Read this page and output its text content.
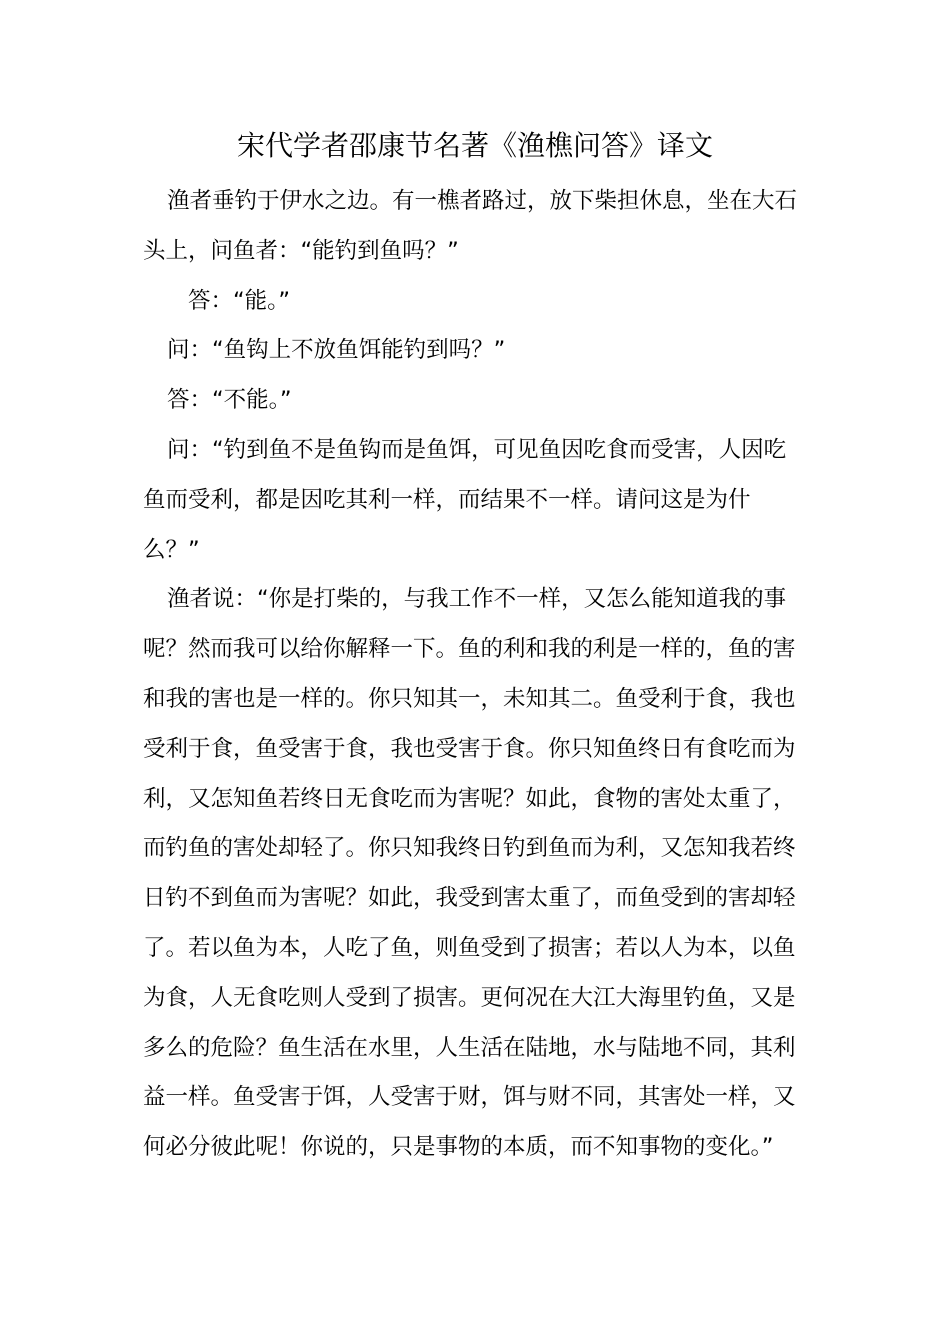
宋代学者邵康节名著《渔樵问答》译文
渔者垂钓于伊水之边。有一樵者路过，放下柴担休息，坐在大石
头上，问鱼者：“能钓到鱼吗？”
答：“能。”
问：“鱼钩上不放鱼饵能钓到吗？”
答：“不能。”
问：“钓到鱼不是鱼钩而是鱼饵，可见鱼因吃食而受害，人因吃
鱼而受利，都是因吃其利一样，而结果不一样。请问这是为什
么？”
渔者说：“你是打柴的，与我工作不一样，又怎么能知道我的事
呢？然而我可以给你解释一下。鱼的利和我的利是一样的，鱼的害
和我的害也是一样的。你只知其一，未知其二。鱼受利于食，我也
受利于食，鱼受害于食，我也受害于食。你只知鱼终日有食吃而为
利，又怎知鱼若终日无食吃而为害呢？如此，食物的害处太重了，
而钓鱼的害处却轻了。你只知我终日钓到鱼而为利，又怎知我若终
日钓不到鱼而为害呢？如此，我受到害太重了，而鱼受到的害却轻
了。若以鱼为本，人吃了鱼，则鱼受到了损害；若以人为本，以鱼
为食，人无食吃则人受到了损害。更何况在大江大海里钓鱼，又是
多么的危险？鱼生活在水里，人生活在陆地，水与陆地不同，其利
益一样。鱼受害于饵，人受害于财，饵与财不同，其害处一样，又
何必分彼此呢！你说的，只是事物的本质，而不知事物的变化。”
